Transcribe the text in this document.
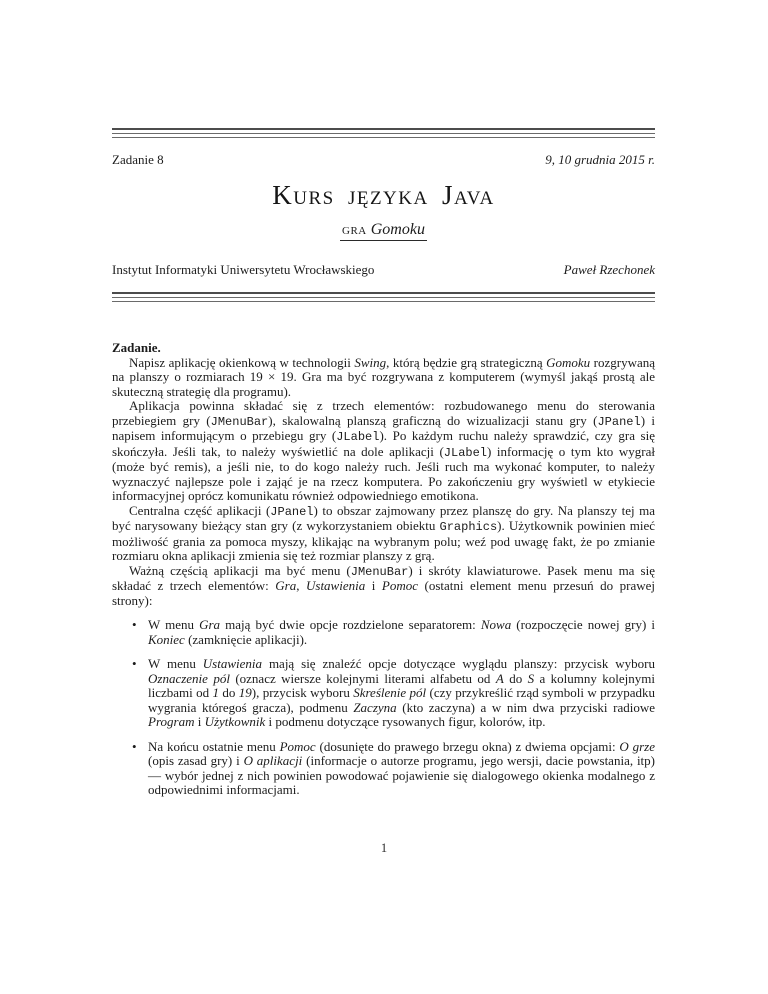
Zadanie 8	9, 10 grudnia 2015 r.
Kurs języka Java
gra Gomoku
Instytut Informatyki Uniwersytetu Wrocławskiego	Paweł Rzechonek
Zadanie.

Napisz aplikację okienkową w technologii Swing, którą będzie grą strategiczną Gomoku rozgrywaną na planszy o rozmiarach 19 × 19. Gra ma być rozgrywana z komputerem (wymyśl jakąś prostą ale skuteczną strategię dla programu).

Aplikacja powinna składać się z trzech elementów: rozbudowanego menu do sterowania przebiegiem gry (JMenuBar), skalowalną planszą graficzną do wizualizacji stanu gry (JPanel) i napisem informującym o przebiegu gry (JLabel). Po każdym ruchu należy sprawdzić, czy gra się skończyła. Jeśli tak, to należy wyświetlić na dole aplikacji (JLabel) informację o tym kto wygrał (może być remis), a jeśli nie, to do kogo należy ruch. Jeśli ruch ma wykonać komputer, to należy wyznaczyć najlepsze pole i zająć je na rzecz komputera. Po zakończeniu gry wyświetl w etykiecie informacyjnej oprócz komunikatu również odpowiedniego emotikona.

Centralna część aplikacji (JPanel) to obszar zajmowany przez planszę do gry. Na planszy tej ma być narysowany bieżący stan gry (z wykorzystaniem obiektu Graphics). Użytkownik powinien mieć możliwość grania za pomoca myszy, klikając na wybranym polu; weź pod uwagę fakt, że po zmianie rozmiaru okna aplikacji zmienia się też rozmiar planszy z grą.

Ważną częścią aplikacji ma być menu (JMenuBar) i skróty klawiaturowe. Pasek menu ma się składać z trzech elementów: Gra, Ustawienia i Pomoc (ostatni element menu przesuń do prawej strony):

• W menu Gra mają być dwie opcje rozdzielone separatorem: Nowa (rozpoczęcie nowej gry) i Koniec (zamknięcie aplikacji).
• W menu Ustawienia mają się znaleźć opcje dotyczące wyglądu planszy: przycisk wyboru Oznaczenie pól (oznacz wiersze kolejnymi literami alfabetu od A do S a kolumny kolejnymi liczbami od 1 do 19), przycisk wyboru Skreślenie pól (czy przykreślić rząd symboli w przypadku wygrania któregoś gracza), podmenu Zaczyna (kto zaczyna) a w nim dwa przyciski radiowe Program i Użytkownik i podmenu dotyczące rysowanych figur, kolorów, itp.
• Na końcu ostatnie menu Pomoc (dosunięte do prawego brzegu okna) z dwiema opcjami: O grze (opis zasad gry) i O aplikacji (informacje o autorze programu, jego wersji, dacie powstania, itp) — wybór jednej z nich powinien powodować pojawienie się dialogowego okienka modalnego z odpowiednimi informacjami.
1
